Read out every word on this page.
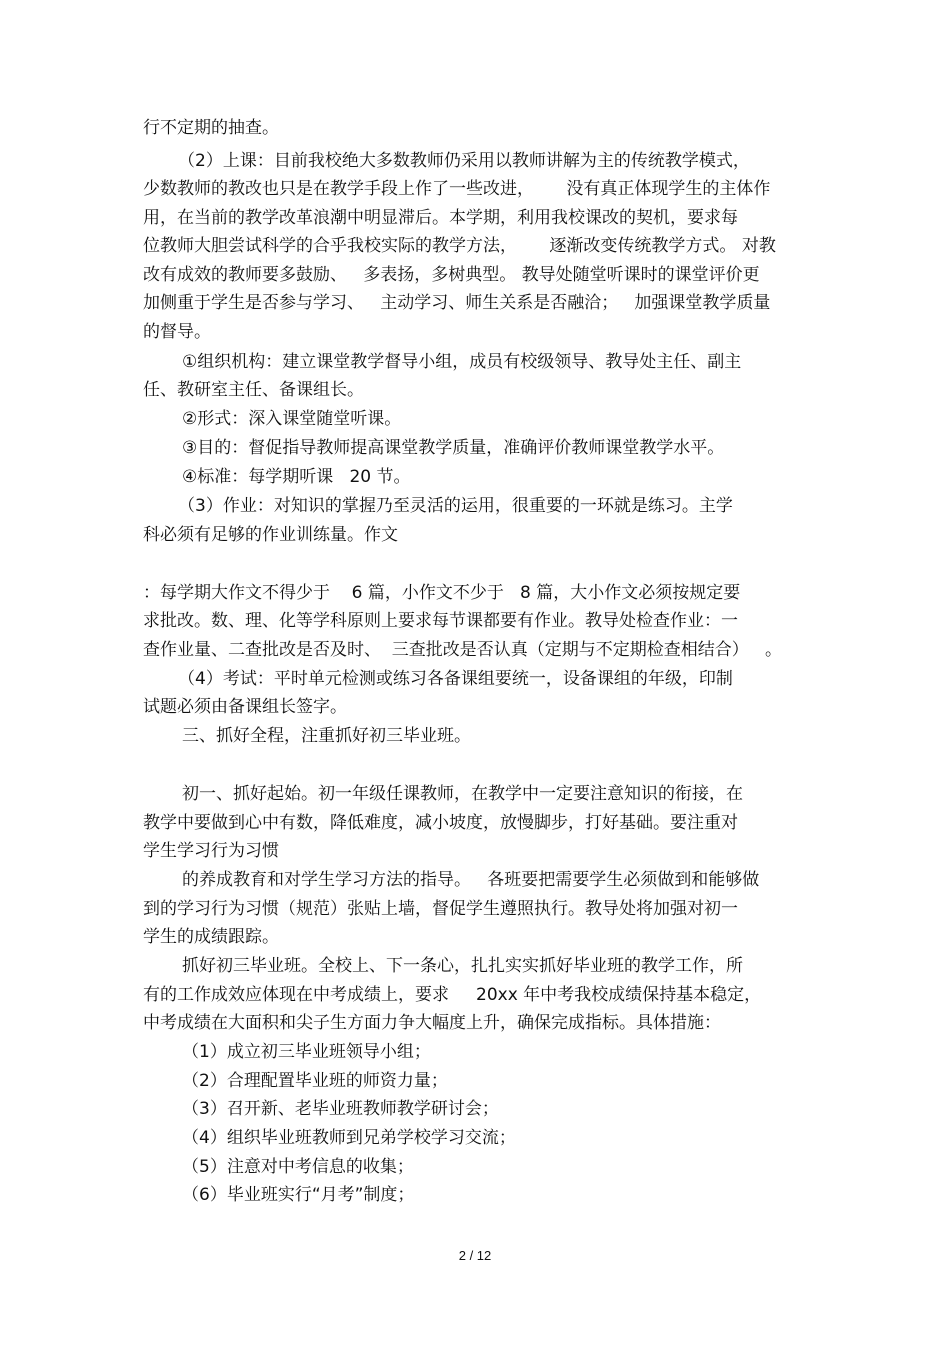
行不定期的抽查。
（2）上课：目前我校绝大多数教师仍采用以教师讲解为主的传统教学模式，
少数教师的教改也只是在教学手段上作了一些改进，      没有真正体现学生的主体作
用，在当前的教学改革浪潮中明显滞后。本学期，利用我校课改的契机，要求每
位教师大胆尝试科学的合乎我校实际的教学方法，      逐渐改变传统教学方式。 对教
改有成效的教师要多鼓励、   多表扬，多树典型。 教导处随堂听课时的课堂评价更
加侧重于学生是否参与学习、   主动学习、师生关系是否融洽；   加强课堂教学质量
的督导。
①组织机构：建立课堂教学督导小组，成员有校级领导、教导处主任、副主
任、教研室主任、备课组长。
②形式：深入课堂随堂听课。
③目的：督促指导教师提高课堂教学质量，准确评价教师课堂教学水平。
④标准：每学期听课   20 节。
（3）作业：对知识的掌握乃至灵活的运用，很重要的一环就是练习。主学
科必须有足够的作业训练量。作文
：每学期大作文不得少于    6 篇，小作文不少于   8 篇，大小作文必须按规定要
求批改。数、理、化等学科原则上要求每节课都要有作业。教导处检查作业：一
查作业量、二查批改是否及时、  三查批改是否认真（定期与不定期检查相结合）   。
（4）考试：平时单元检测或练习各备课组要统一，设备课组的年级，印制
试题必须由备课组长签字。
三、抓好全程，注重抓好初三毕业班。
初一、抓好起始。初一年级任课教师，在教学中一定要注意知识的衔接，在
教学中要做到心中有数，降低难度，减小坡度，放慢脚步，打好基础。要注重对
学生学习行为习惯
的养成教育和对学生学习方法的指导。   各班要把需要学生必须做到和能够做
到的学习行为习惯（规范）张贴上墙，督促学生遵照执行。教导处将加强对初一
学生的成绩跟踪。
抓好初三毕业班。全校上、下一条心，扎扎实实抓好毕业班的教学工作，所
有的工作成效应体现在中考成绩上，要求     20xx 年中考我校成绩保持基本稳定，
中考成绩在大面积和尖子生方面力争大幅度上升，确保完成指标。具体措施：
（1）成立初三毕业班领导小组；
（2）合理配置毕业班的师资力量；
（3）召开新、老毕业班教师教学研讨会；
（4）组织毕业班教师到兄弟学校学习交流；
（5）注意对中考信息的收集；
（6）毕业班实行“月考”制度；
2 / 12
